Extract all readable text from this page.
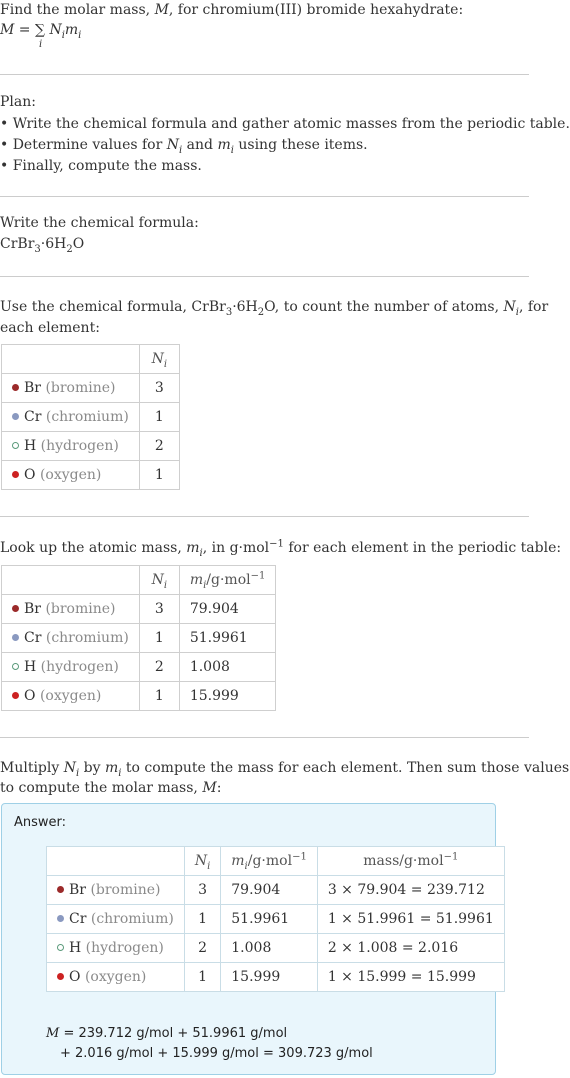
Find the molar mass, M, for chromium(III) bromide hexahydrate:
M = ∑
i
$N_im_i$
Plan:
• Write the chemical formula and gather atomic masses from the periodic table.
• Determine values for $N_i$ and $m_i$ using these items.
• Finally, compute the mass.
Write the chemical formula:
$CrBr_3\cdot 6H_2O$
Use the chemical formula, $CrBr_3\cdot 6H_2O$, to count the number of atoms, $N_i$, for
each element:
	$N_i$
Br (bromine)	3
Cr (chromium)	1
H (hydrogen)	2
O (oxygen)	1
Look up the atomic mass, $m_i$, in g·mol$^{-1}$ for each element in the periodic table:
	$N_i$	$m_i/g\cdot mol^{-1}$
Br (bromine)	3	79.904
Cr (chromium)	1	51.9961
H (hydrogen)	2	1.008
O (oxygen)	1	15.999
Multiply $N_i$ by $m_i$ to compute the mass for each element. Then sum those values
to compute the molar mass, M:
Answer:
	$N_i$	$m_i/g\cdot mol^{-1}$	mass/g·mol$^{-1}$
Br (bromine)	3	79.904	3 × 79.904 = 239.712
Cr (chromium)	1	51.9961	1 × 51.9961 = 51.9961
H (hydrogen)	2	1.008	2 × 1.008 = 2.016
O (oxygen)	1	15.999	1 × 15.999 = 15.999
M = 239.712 g/mol + 51.9961 g/mol
+ 2.016 g/mol + 15.999 g/mol = 309.723 g/mol
